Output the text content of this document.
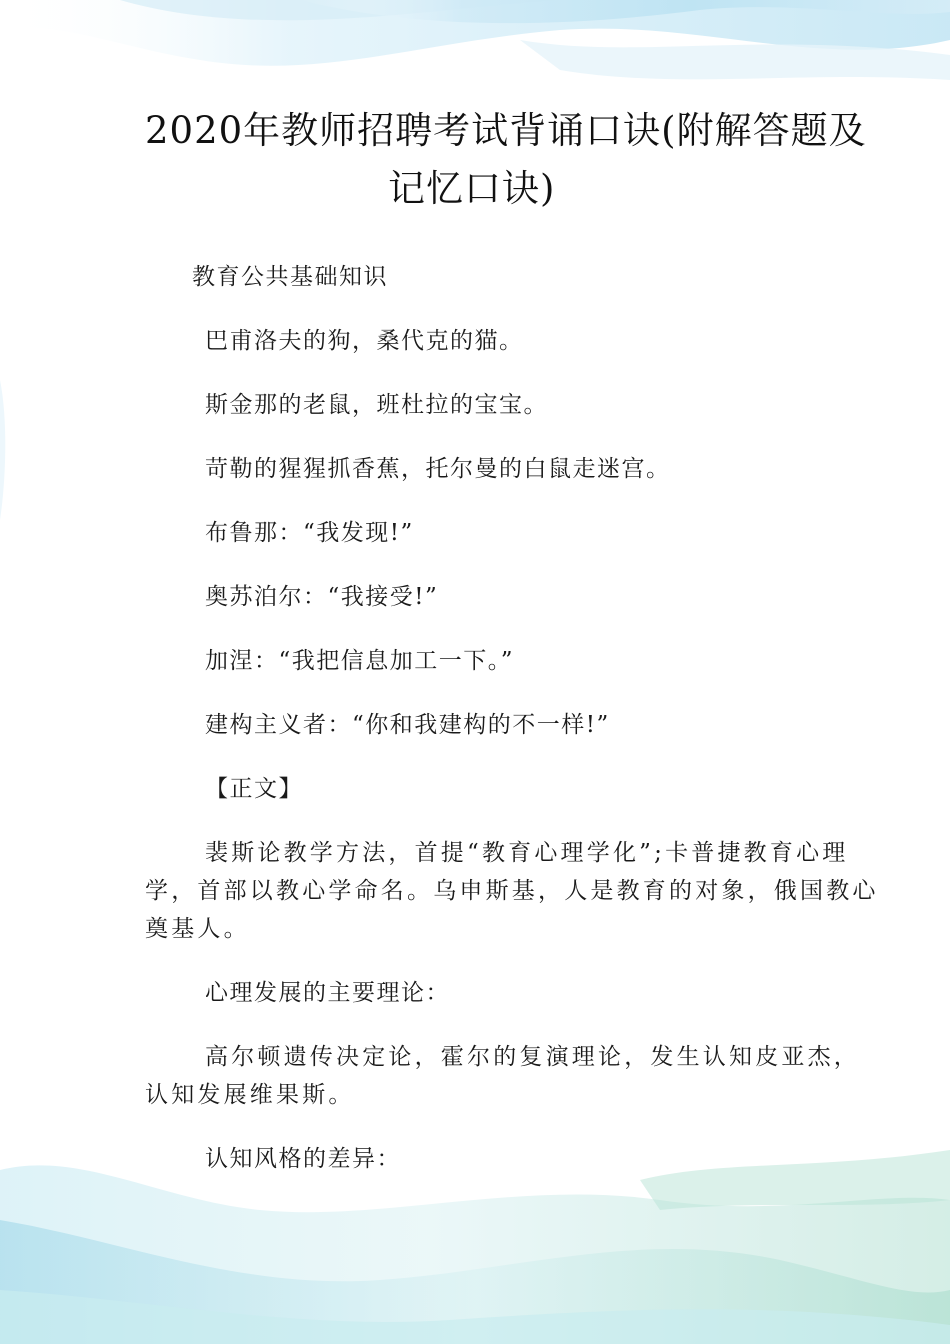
2020年教师招聘考试背诵口诀(附解答题及
记忆口诀)
教育公共基础知识
巴甫洛夫的狗，桑代克的猫。
斯金那的老鼠，班杜拉的宝宝。
苛勒的猩猩抓香蕉，托尔曼的白鼠走迷宫。
布鲁那：“我发现!”
奥苏泊尔：“我接受!”
加涅：“我把信息加工一下。”
建构主义者：“你和我建构的不一样!”
【正文】
裴斯论教学方法，首提“教育心理学化”;卡普捷教育心理
学，首部以教心学命名。乌申斯基，人是教育的对象，俄国教心
奠基人。
心理发展的主要理论：
高尔顿遗传决定论，霍尔的复演理论，发生认知皮亚杰，
认知发展维果斯。
认知风格的差异：
